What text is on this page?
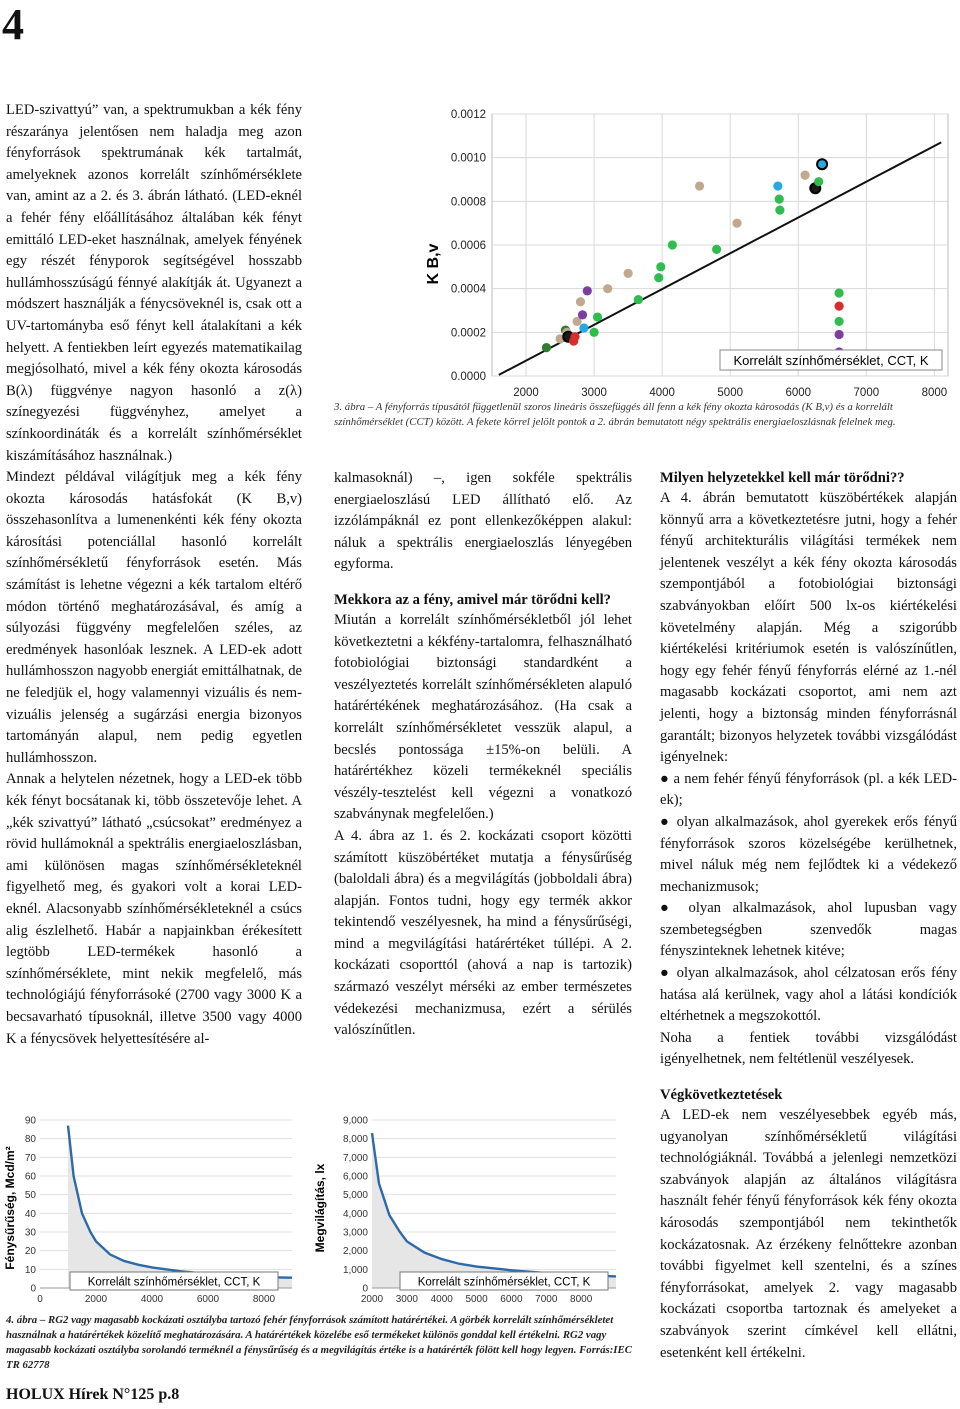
4

LED-szivattyú” van, a spektrumukban a kék fény részaránya jelentősen nem haladja meg azon fényforrások spektrumának kék tartalmát, amelyeknek azonos korrelált színhőmérséklete van, amint az a 2. és 3. ábrán látható. (LED-eknél a fehér fény előállításához általában kék fényt emittáló LED-eket használnak, amelyek fényének egy részét fényporok segítségével hosszabb hullámhosszúságú fénnyé alakítják át. Ugyanezt a módszert használják a fénycsöveknél is, csak ott a UV-tartományba eső fényt kell átalakítani a kék helyett. A fentiekben leírt egyezés matematikailag megjósolható, mivel a kék fény okozta károsodás B(λ) függvénye nagyon hasonló a z(λ) színegyezési függvényhez, amelyet a színkoordináták és a korrelált színhőmérséklet kiszámításához használnak.)

Mindezt példával világítjuk meg a kék fény okozta károsodás hatásfokát (K B,v) összehasonlítva a lumenenkénti kék fény okozta károsítási potenciállal hasonló korrelált színhőmérsékletű fényforrások esetén. Más számítást is lehetne végezni a kék tartalom eltérő módon történő meghatározásával, és amíg a súlyozási függvény megfelelően széles, az eredmények hasonlóak lesznek. A LED-ek adott hullámhosszon nagyobb energiát emittálhatnak, de ne feledjük el, hogy valamennyi vizuális és nem-vizuális jelenség a sugárzási energia bizonyos tartományán alapul, nem pedig egyetlen hullámhosszon.

Annak a helytelen nézetnek, hogy a LED-ek több kék fényt bocsátanak ki, több összetevője lehet. A „kék szivattyú” látható „csúcsokat” eredményez a rövid hullámoknál a spektrális energiaeloszlásban, ami különösen magas színhőmérsékleteknél figyelhető meg, és gyakori volt a korai LED-eknél. Alacsonyabb színhőmérsékleteknél a csúcs alig észlelhető. Habár a napjainkban érékesített legtöbb LED-termékek hasonló a színhőmérséklete, mint nekik megfelelő, más technológiájú fényforrásoké (2700 vagy 3000 K a becsavarható típusoknál, illetve 3500 vagy 4000 K a fénycsövek helyettesítésére al-

0.0000
0.0002
0.0004
0.0006
0.0008
0.0010
0.0012
2000	3000	4000	5000	6000	7000	8000
Korrelált színhőmérséklet, CCT, K
K B,v
3. ábra – A fényforrás típusától függetlenül szoros lineáris összefüggés áll fenn a kék fény okozta károsodás (K B,v) és a korrelált színhőmérséklet (CCT) között. A fekete körrel jelölt pontok a 2. ábrán bemutatott négy spektrális energiaeloszlásnak felelnek meg.

kalmasoknál) –, igen sokféle spektrális energiaeloszlású LED állítható elő. Az izzólámpáknál ez pont ellenkezőképpen alakul: náluk a spektrális energiaeloszlás lényegében egyforma.

Mekkora az a fény, amivel már törődni kell?

Miután a korrelált színhőmérsékletből jól lehet következtetni a kékfény-tartalomra, felhasználható fotobiológiai biztonsági standardként a veszélyeztetés korrelált színhőmérsékleten alapuló határértékének meghatározásához. (Ha csak a korrelált színhőmérsékletet vesszük alapul, a becslés pontossága ±15%-on belüli. A határértékhez közeli termékeknél speciális vészély-tesztelést kell végezni a vonatkozó szabványnak megfelelően.)

A 4. ábra az 1. és 2. kockázati csoport közötti számított küszöbértéket mutatja a fénysűrűség (baloldali ábra) és a megvilágítás (jobboldali ábra) alapján. Fontos tudni, hogy egy termék akkor tekintendő veszélyesnek, ha mind a fénysűrűségi, mind a megvilágítási határértéket túllépi. A 2. kockázati csoporttól (ahová a nap is tartozik) származó veszélyt mérséki az ember természetes védekezési mechanizmusa, ezért a sérülés valószínűtlen.

Milyen helyzetekkel kell már törődni??

A 4. ábrán bemutatott küszöbértékek alapján könnyű arra a következtetésre jutni, hogy a fehér fényű architekturális világítási termékek nem jelentenek veszélyt a kék fény okozta károsodás szempontjából a fotobiológiai biztonsági szabványokban előírt 500 lx-os kiértékelési követelmény alapján. Még a szigorúbb kiértékelési kritériumok esetén is valószínűtlen, hogy egy fehér fényű fényforrás elérné az 1.-nél magasabb kockázati csoportot, ami nem azt jelenti, hogy a biztonság minden fényforrásnál garantált; bizonyos helyzetek további vizsgálódást igényelnek:

● a nem fehér fényű fényforrások (pl. a kék LED-ek);

● olyan alkalmazások, ahol gyerekek erős fényű fényforrások szoros közelségébe kerülhetnek, mivel náluk még nem fejlődtek ki a védekező mechanizmusok;

● olyan alkalmazások, ahol lupusban vagy szembetegségben szenvedők magas fényszinteknek lehetnek kitéve;

● olyan alkalmazások, ahol célzatosan erős fény hatása alá kerülnek, vagy ahol a látási kondíciók eltérhetnek a megszokottól.

Noha a fentiek további vizsgálódást igényelhetnek, nem feltétlenül veszélyesek.

Végkövetkeztetések

A LED-ek nem veszélyesebbek egyéb más, ugyanolyan színhőmérsékletű világítási technológiáknál. Továbbá a jelenlegi nemzetközi szabványok alapján az általános világításra használt fehér fényű fényforrások kék fény okozta károsodás szempontjából nem tekinthetők kockázatosnak. Az érzékeny felnőttekre azonban további figyelmet kell szentelni, és a színes fényforrásokat, amelyek 2. vagy magasabb kockázati csoportba tartoznak és amelyeket a szabványok szerint címkével kell ellátni, esetenként kell értékelni.

0
10
20
30
40
50
60
70
80
90
0	2000	4000	6000	8000
Korrelált színhőmérséklet, CCT, K
Fénysűrűség, Mcd/m²
0
1,000
2,000
3,000
4,000
5,000
6,000
7,000
8,000
9,000
2000 3000 4000 5000 6000 7000 8000
Korrelált színhőmérséklet, CCT, K
Megvilágítás, lx
4. ábra – RG2 vagy magasabb kockázati osztályba tartozó fehér fényforrások számított határértékei. A görbék korrelált színhőmérsékletet használnak a határértékek közelítő meghatározására. A határértékek közelébe eső termékeket különös gonddal kell értékelni. RG2 vagy magasabb kockázati osztályba sorolandó terméknél a fénysűrűség és a megvilágítás értéke is a határérték fölött kell hogy legyen. Forrás:IEC TR 62778
HOLUX Hírek N°125 p.8
